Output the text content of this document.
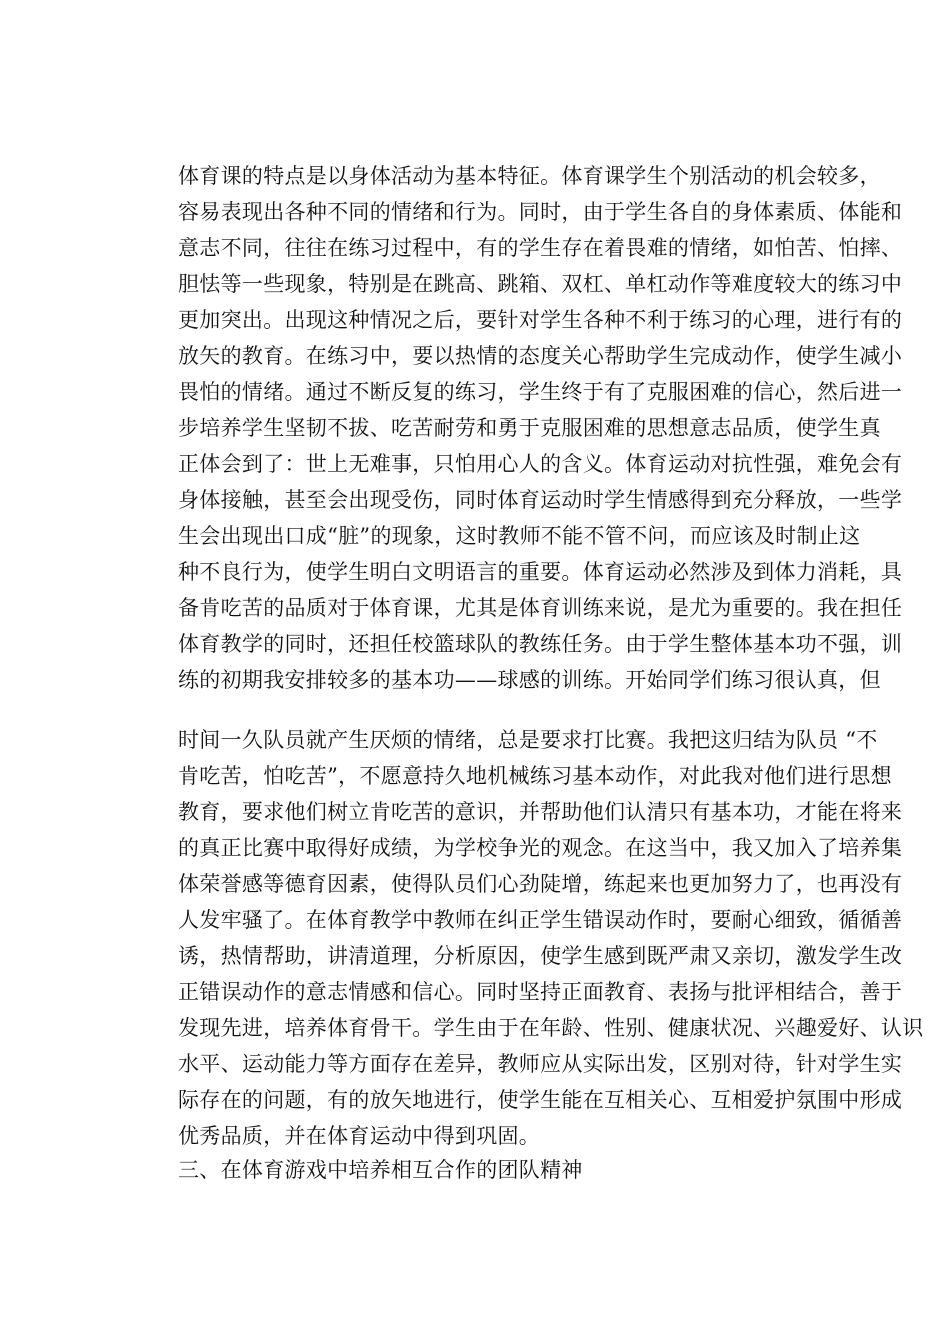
体育课的特点是以身体活动为基本特征。体育课学生个别活动的机会较多，
容易表现出各种不同的情绪和行为。同时，由于学生各自的身体素质、体能和
意志不同，往往在练习过程中，有的学生存在着畏难的情绪，如怕苦、怕摔、
胆怯等一些现象，特别是在跳高、跳箱、双杠、单杠动作等难度较大的练习中
更加突出。出现这种情况之后，要针对学生各种不利于练习的心理，进行有的
放矢的教育。在练习中，要以热情的态度关心帮助学生完成动作，使学生减小
畏怕的情绪。通过不断反复的练习，学生终于有了克服困难的信心，然后进一
步培养学生坚韧不拔、吃苦耐劳和勇于克服困难的思想意志品质，使学生真
正体会到了：世上无难事，只怕用心人的含义。体育运动对抗性强，难免会有
身体接触，甚至会出现受伤，同时体育运动时学生情感得到充分释放，一些学
生会出现出口成“脏”的现象，这时教师不能不管不问，而应该及时制止这
种不良行为，使学生明白文明语言的重要。体育运动必然涉及到体力消耗，具
备肯吃苦的品质对于体育课，尤其是体育训练来说，是尤为重要的。我在担任
体育教学的同时，还担任校篮球队的教练任务。由于学生整体基本功不强，训
练的初期我安排较多的基本功——球感的训练。开始同学们练习很认真，但
时间一久队员就产生厌烦的情绪，总是要求打比赛。我把这归结为队员 “不
肯吃苦，怕吃苦”，不愿意持久地机械练习基本动作，对此我对他们进行思想
教育，要求他们树立肯吃苦的意识，并帮助他们认清只有基本功，才能在将来
的真正比赛中取得好成绩，为学校争光的观念。在这当中，我又加入了培养集
体荣誉感等德育因素，使得队员们心劲陡增，练起来也更加努力了，也再没有
人发牢骚了。在体育教学中教师在纠正学生错误动作时，要耐心细致，循循善
诱，热情帮助，讲清道理，分析原因，使学生感到既严肃又亲切，激发学生改
正错误动作的意志情感和信心。同时坚持正面教育、表扬与批评相结合，善于
发现先进，培养体育骨干。学生由于在年龄、性别、健康状况、兴趣爱好、认识
水平、运动能力等方面存在差异，教师应从实际出发，区别对待，针对学生实
际存在的问题，有的放矢地进行，使学生能在互相关心、互相爱护氛围中形成
优秀品质，并在体育运动中得到巩固。
三、在体育游戏中培养相互合作的团队精神
